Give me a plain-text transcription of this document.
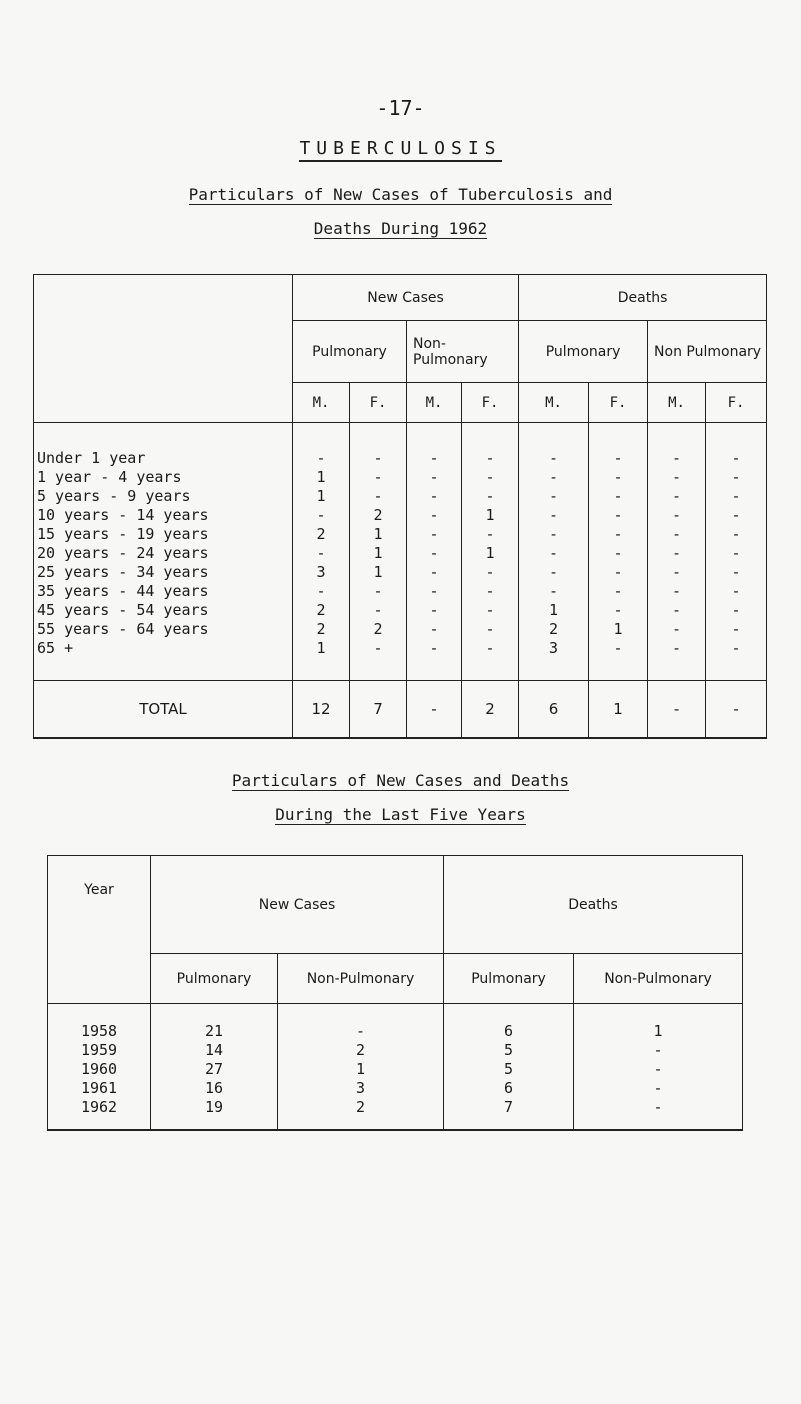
-17-
TUBERCULOSIS
Particulars of New Cases of Tuberculosis and
Deaths During 1962
	New Cases				Deaths			
	Pulmonary		Non- Pulmonary		Pulmonary		Non Pulmonary	
	M.	F.	M.	F.	M.	F.	M.	F.
Under 1 year	-	-	-	-	-	-	-	-
1 year - 4 years	1	-	-	-	-	-	-	-
5 years - 9 years	1	-	-	-	-	-	-	-
10 years - 14 years	-	2	-	1	-	-	-	-
15 years - 19 years	2	1	-	-	-	-	-	-
20 years - 24 years	-	1	-	1	-	-	-	-
25 years - 34 years	3	1	-	-	-	-	-	-
35 years - 44 years	-	-	-	-	-	-	-	-
45 years - 54 years	2	-	-	-	1	-	-	-
55 years - 64 years	2	2	-	-	2	1	-	-
65 +	1	-	-	-	3	-	-	-
TOTAL	12	7	-	2	6	1	-	-
Particulars of New Cases and Deaths
During the Last Five Years
Year	New Cases		Deaths	
	Pulmonary	Non-Pulmonary	Pulmonary	Non-Pulmonary
1958	21	-	6	1
1959	14	2	5	-
1960	27	1	5	-
1961	16	3	6	-
1962	19	2	7	-
